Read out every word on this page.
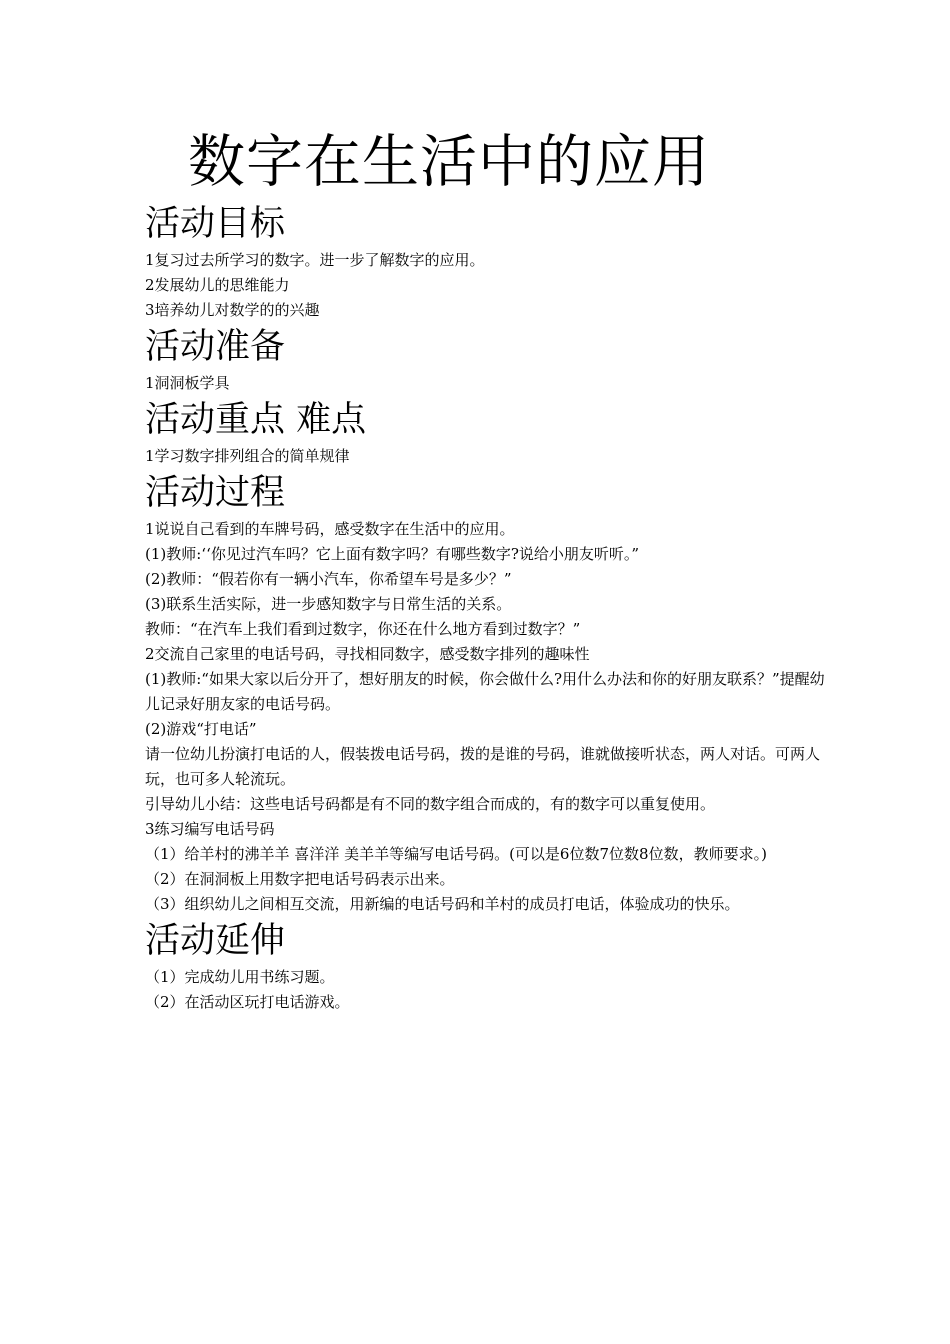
数字在生活中的应用
活动目标

1复习过去所学习的数字。进一步了解数字的应用。

2发展幼儿的思维能力

3培养幼儿对数学的的兴趣

活动准备

1洞洞板学具

活动重点 难点

1学习数字排列组合的简单规律

活动过程

1说说自己看到的车牌号码，感受数字在生活中的应用。

(1)教师:‘‘你见过汽车吗？它上面有数字吗？有哪些数字?说给小朋友听听。”

(2)教师：“假若你有一辆小汽车，你希望车号是多少？”

(3)联系生活实际，进一步感知数字与日常生活的关系。

教师：“在汽车上我们看到过数字，你还在什么地方看到过数字？”

2交流自己家里的电话号码，寻找相同数字，感受数字排列的趣味性

(1)教师:“如果大家以后分开了，想好朋友的时候，你会做什么?用什么办法和你的好朋友联系？”提醒幼儿记录好朋友家的电话号码。

(2)游戏“打电话”

请一位幼儿扮演打电话的人，假装拨电话号码，拨的是谁的号码，谁就做接听状态，两人对话。可两人玩，也可多人轮流玩。

引导幼儿小结：这些电话号码都是有不同的数字组合而成的，有的数字可以重复使用。

3练习编写电话号码

（1）给羊村的沸羊羊 喜洋洋 美羊羊等编写电话号码。(可以是6位数7位数8位数，教师要求。)

（2）在洞洞板上用数字把电话号码表示出来。

（3）组织幼儿之间相互交流，用新编的电话号码和羊村的成员打电话，体验成功的快乐。

活动延伸

（1）完成幼儿用书练习题。

（2）在活动区玩打电话游戏。
